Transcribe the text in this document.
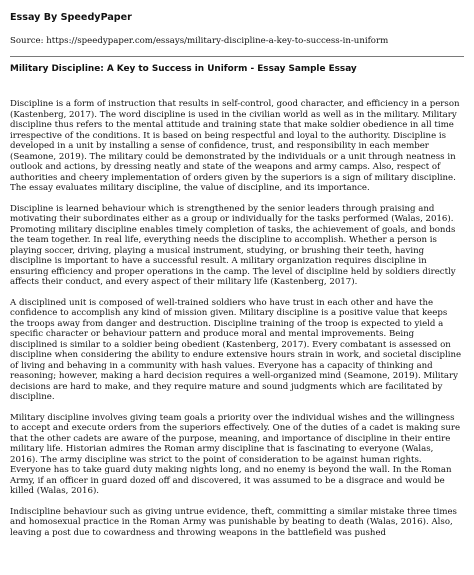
Essay By SpeedyPaper
Source: https://speedypaper.com/essays/military-discipline-a-key-to-success-in-uniform
Military Discipline: A Key to Success in Uniform - Essay Sample Essay

Discipline is a form of instruction that results in self-control, good character, and efficiency in a person (Kastenberg, 2017). The word discipline is used in the civilian world as well as in the military. Military discipline thus refers to the mental attitude and training state that make soldier obedience in all time irrespective of the conditions. It is based on being respectful and loyal to the authority. Discipline is developed in a unit by installing a sense of confidence, trust, and responsibility in each member (Seamone, 2019). The military could be demonstrated by the individuals or a unit through neatness in outlook and actions, by dressing neatly and state of the weapons and army camps. Also, respect of authorities and cheery implementation of orders given by the superiors is a sign of military discipline. The essay evaluates military discipline, the value of discipline, and its importance.

Discipline is learned behaviour which is strengthened by the senior leaders through praising and motivating their subordinates either as a group or individually for the tasks performed (Walas, 2016). Promoting military discipline enables timely completion of tasks, the achievement of goals, and bonds the team together. In real life, everything needs the discipline to accomplish. Whether a person is playing soccer, driving, playing a musical instrument, studying, or brushing their teeth, having discipline is important to have a successful result. A military organization requires discipline in ensuring efficiency and proper operations in the camp. The level of discipline held by soldiers directly affects their conduct, and every aspect of their military life (Kastenberg, 2017).

A disciplined unit is composed of well-trained soldiers who have trust in each other and have the confidence to accomplish any kind of mission given. Military discipline is a positive value that keeps the troops away from danger and destruction. Discipline training of the troop is expected to yield a specific character or behaviour pattern and produce moral and mental improvements. Being disciplined is similar to a soldier being obedient (Kastenberg, 2017). Every combatant is assessed on discipline when considering the ability to endure extensive hours strain in work, and societal discipline of living and behaving in a community with hash values. Everyone has a capacity of thinking and reasoning; however, making a hard decision requires a well-organized mind (Seamone, 2019). Military decisions are hard to make, and they require mature and sound judgments which are facilitated by discipline.

Military discipline involves giving team goals a priority over the individual wishes and the willingness to accept and execute orders from the superiors effectively. One of the duties of a cadet is making sure that the other cadets are aware of the purpose, meaning, and importance of discipline in their entire military life. Historian admires the Roman army discipline that is fascinating to everyone (Walas, 2016). The army discipline was strict to the point of consideration to be against human rights. Everyone has to take guard duty making nights long, and no enemy is beyond the wall. In the Roman Army, if an officer in guard dozed off and discovered, it was assumed to be a disgrace and would be killed (Walas, 2016).

Indiscipline behaviour such as giving untrue evidence, theft, committing a similar mistake three times and homosexual practice in the Roman Army was punishable by beating to death (Walas, 2016). Also, leaving a post due to cowardness and throwing weapons in the battlefield was pushed
